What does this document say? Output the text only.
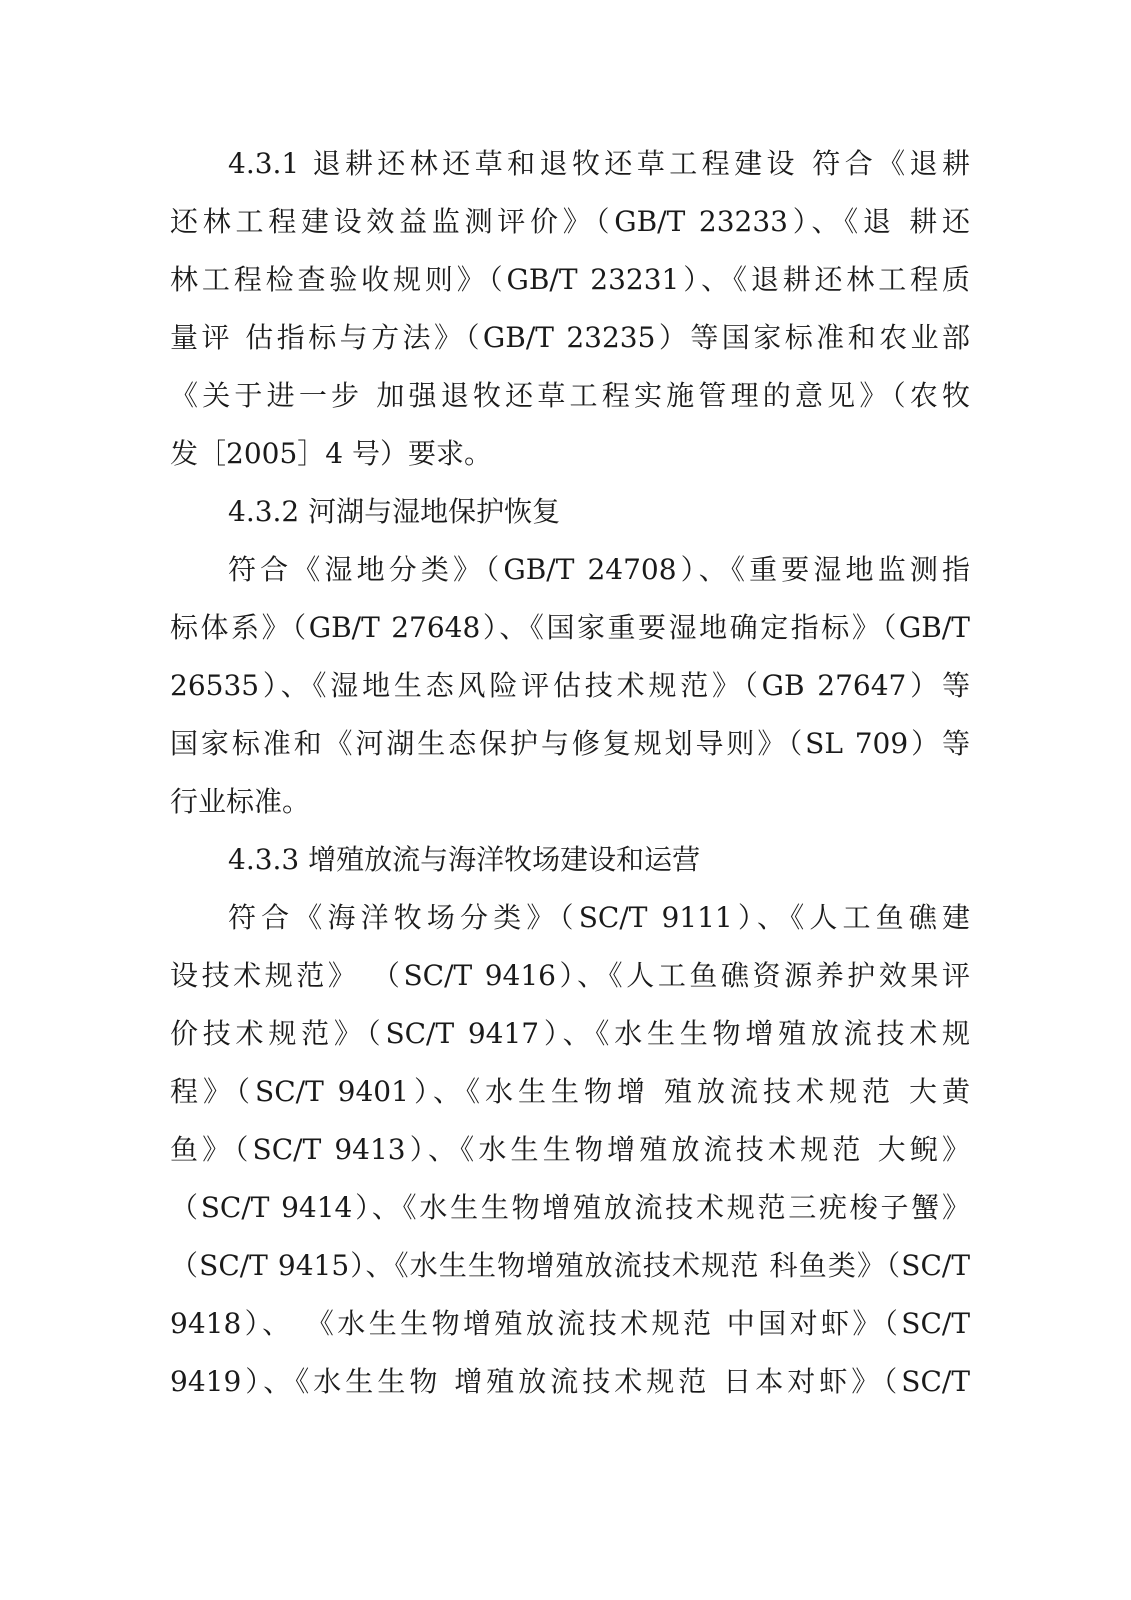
4.3.1 退耕还林还草和退牧还草工程建设 符合《退耕
还林工程建设效益监测评价》（GB/T 23233）、《退 耕还
林工程检查验收规则》（GB/T 23231）、《退耕还林工程质
量评 估指标与方法》（GB/T 23235）等国家标准和农业部
《关于进一步 加强退牧还草工程实施管理的意见》（农牧
发［2005］4 号）要求。
4.3.2 河湖与湿地保护恢复
符合《湿地分类》（GB/T 24708）、《重要湿地监测指
标体系》（GB/T 27648）、《国家重要湿地确定指标》（GB/T
26535）、《湿地生态风险评估技术规范》（GB 27647）等
国家标准和《河湖生态保护与修复规划导则》（SL 709）等
行业标准。
4.3.3 增殖放流与海洋牧场建设和运营
符合《海洋牧场分类》（SC/T 9111）、《人工鱼礁建
设技术规范》 （SC/T 9416）、《人工鱼礁资源养护效果评
价技术规范》（SC/T 9417）、《水生生物增殖放流技术规
程》（SC/T 9401）、《水生生物增 殖放流技术规范 大黄
鱼》（SC/T 9413）、《水生生物增殖放流技术规范 大鲵》
（SC/T 9414）、《水生生物增殖放流技术规范三疣梭子蟹》
（SC/T 9415）、《水生生物增殖放流技术规范 科鱼类》（SC/T
9418）、 《水生生物增殖放流技术规范 中国对虾》（SC/T
9419）、《水生生物 增殖放流技术规范 日本对虾》（SC/T
